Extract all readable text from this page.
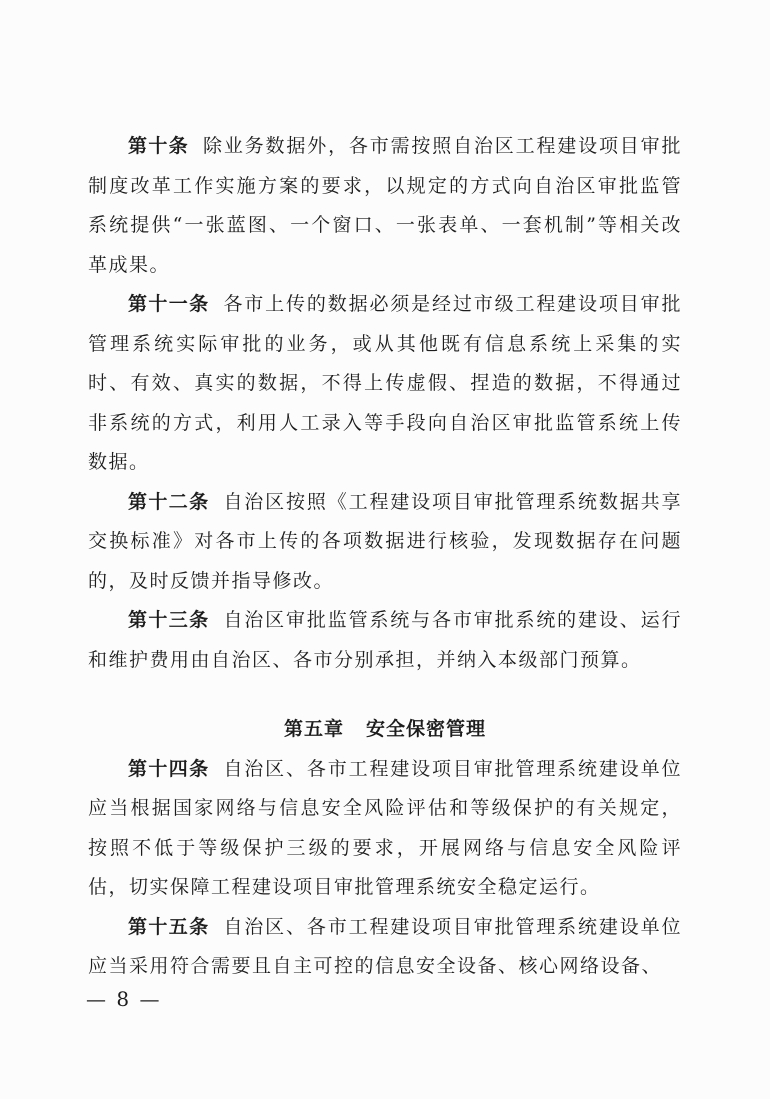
第十条 除业务数据外，各市需按照自治区工程建设项目审批制度改革工作实施方案的要求，以规定的方式向自治区审批监管系统提供“一张蓝图、一个窗口、一张表单、一套机制”等相关改革成果。

第十一条 各市上传的数据必须是经过市级工程建设项目审批管理系统实际审批的业务，或从其他既有信息系统上采集的实时、有效、真实的数据，不得上传虚假、捏造的数据，不得通过非系统的方式，利用人工录入等手段向自治区审批监管系统上传数据。

第十二条 自治区按照《工程建设项目审批管理系统数据共享交换标准》对各市上传的各项数据进行核验，发现数据存在问题的，及时反馈并指导修改。

第十三条 自治区审批监管系统与各市审批系统的建设、运行和维护费用由自治区、各市分别承担，并纳入本级部门预算。

第五章 安全保密管理

第十四条 自治区、各市工程建设项目审批管理系统建设单位应当根据国家网络与信息安全风险评估和等级保护的有关规定，按照不低于等级保护三级的要求，开展网络与信息安全风险评估，切实保障工程建设项目审批管理系统安全稳定运行。

第十五条 自治区、各市工程建设项目审批管理系统建设单位应当采用符合需要且自主可控的信息安全设备、核心网络设备、

— 8 —
